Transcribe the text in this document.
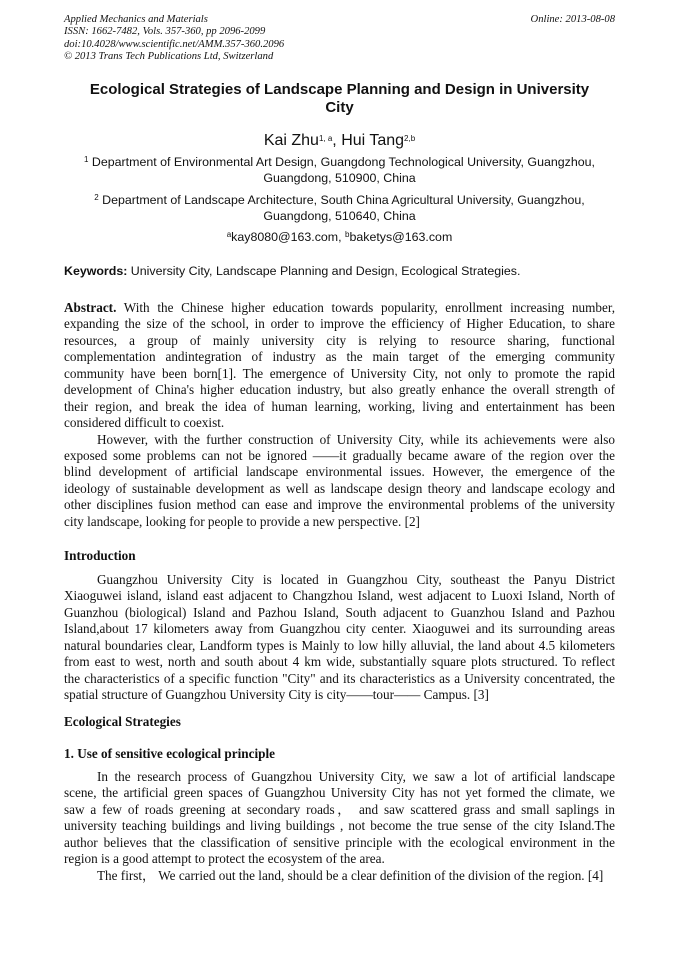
Applied Mechanics and Materials
ISSN: 1662-7482, Vols. 357-360, pp 2096-2099
doi:10.4028/www.scientific.net/AMM.357-360.2096
© 2013 Trans Tech Publications Ltd, Switzerland
Online: 2013-08-08
Ecological Strategies of Landscape Planning and Design in University
City
Kai Zhu$^{1, a}$, Hui Tang$^{2,b}$
$^1$ Department of Environmental Art Design, Guangdong Technological University, Guangzhou,
Guangdong, 510900, China
$^2$ Department of Landscape Architecture, South China Agricultural University, Guangzhou,
Guangdong, 510640, China
$^a$kay8080@163.com, $^b$baketys@163.com
Keywords: University City, Landscape Planning and Design, Ecological Strategies.
Abstract. With the Chinese higher education towards popularity, enrollment increasing number,
expanding the size of the school, in order to improve the efficiency of Higher Education, to share
resources, a group of mainly university city is relying to resource sharing, functional
complementation andintegration of industry as the main target of the emerging community
community have been born[1]. The emergence of University City, not only to promote the rapid
development of China's higher education industry, but also greatly enhance the overall strength of
their region, and break the idea of human learning, working, living and entertainment has been
considered difficult to coexist.
However, with the further construction of University City, while its achievements were also
exposed some problems can not be ignored ——it gradually became aware of the region over the
blind development of artificial landscape environmental issues. However, the emergence of the
ideology of sustainable development as well as landscape design theory and landscape ecology and
other disciplines fusion method can ease and improve the environmental problems of the university
city landscape, looking for people to provide a new perspective. [2]
Introduction
Guangzhou University City is located in Guangzhou City, southeast the Panyu District
Xiaoguwei island, island east adjacent to Changzhou Island, west adjacent to Luoxi Island, North of
Guanzhou (biological) Island and Pazhou Island, South adjacent to Guanzhou Island and Pazhou
Island,about 17 kilometers away from Guangzhou city center. Xiaoguwei and its surrounding areas
natural boundaries clear, Landform types is Mainly to low hilly alluvial, the land about 4.5 kilometers
from east to west, north and south about 4 km wide, substantially square plots structured. To reflect
the characteristics of a specific function "City" and its characteristics as a University concentrated, the
spatial structure of Guangzhou University City is city——tour—— Campus. [3]
Ecological Strategies
1. Use of sensitive ecological principle
In the research process of Guangzhou University City, we saw a lot of artificial landscape
scene, the artificial green spaces of Guangzhou University City has not yet formed the climate, we
saw a few of roads greening at secondary roads， and saw scattered grass and small saplings in
university teaching buildings and living buildings , not become the true sense of the city Island.The
author believes that the classification of sensitive principle with the ecological environment in the
region is a good attempt to protect the ecosystem of the area.
The first， We carried out the land, should be a clear definition of the division of the region. [4]
